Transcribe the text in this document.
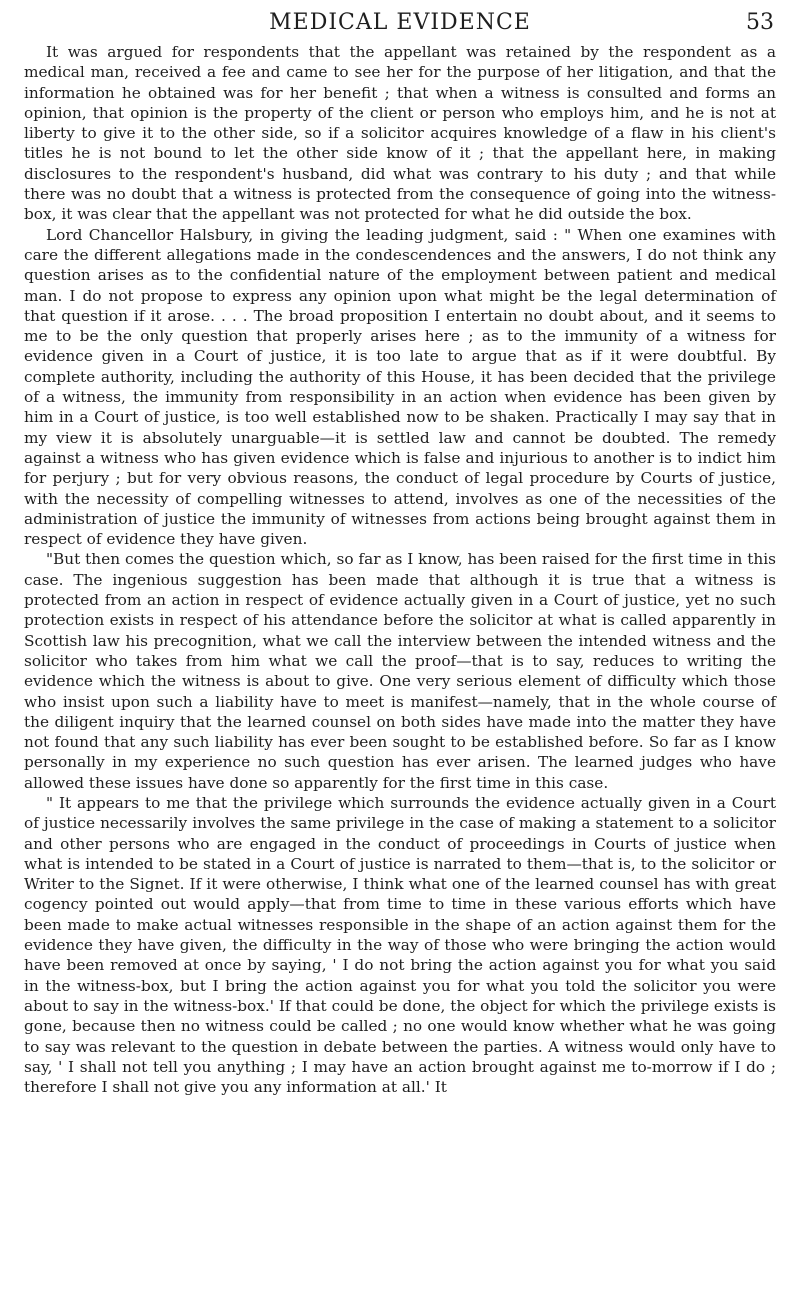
MEDICAL EVIDENCE	53

It was argued for respondents that the appellant was retained by the respondent as a medical man, received a fee and came to see her for the purpose of her litigation, and that the information he obtained was for her benefit ; that when a witness is consulted and forms an opinion, that opinion is the property of the client or person who employs him, and he is not at liberty to give it to the other side, so if a solicitor acquires knowledge of a flaw in his client's titles he is not bound to let the other side know of it ; that the appellant here, in making disclosures to the respondent's husband, did what was contrary to his duty ; and that while there was no doubt that a witness is protected from the consequence of going into the witness-box, it was clear that the appellant was not protected for what he did outside the box.

Lord Chancellor Halsbury, in giving the leading judgment, said : " When one examines with care the different allegations made in the condescendences and the answers, I do not think any question arises as to the confidential nature of the employment between patient and medical man. I do not propose to express any opinion upon what might be the legal determination of that question if it arose. . . . The broad proposition I entertain no doubt about, and it seems to me to be the only question that properly arises here ; as to the immunity of a witness for evidence given in a Court of justice, it is too late to argue that as if it were doubtful. By complete authority, including the authority of this House, it has been decided that the privilege of a witness, the immunity from responsibility in an action when evidence has been given by him in a Court of justice, is too well established now to be shaken. Practically I may say that in my view it is absolutely unarguable—it is settled law and cannot be doubted. The remedy against a witness who has given evidence which is false and injurious to another is to indict him for perjury ; but for very obvious reasons, the conduct of legal procedure by Courts of justice, with the necessity of compelling witnesses to attend, involves as one of the necessities of the administration of justice the immunity of witnesses from actions being brought against them in respect of evidence they have given.

"But then comes the question which, so far as I know, has been raised for the first time in this case. The ingenious suggestion has been made that although it is true that a witness is protected from an action in respect of evidence actually given in a Court of justice, yet no such protection exists in respect of his attendance before the solicitor at what is called apparently in Scottish law his precognition, what we call the interview between the intended witness and the solicitor who takes from him what we call the proof—that is to say, reduces to writing the evidence which the witness is about to give. One very serious element of difficulty which those who insist upon such a liability have to meet is manifest—namely, that in the whole course of the diligent inquiry that the learned counsel on both sides have made into the matter they have not found that any such liability has ever been sought to be established before. So far as I know personally in my experience no such question has ever arisen. The learned judges who have allowed these issues have done so apparently for the first time in this case.

" It appears to me that the privilege which surrounds the evidence actually given in a Court of justice necessarily involves the same privilege in the case of making a statement to a solicitor and other persons who are engaged in the conduct of proceedings in Courts of justice when what is intended to be stated in a Court of justice is narrated to them—that is, to the solicitor or Writer to the Signet. If it were otherwise, I think what one of the learned counsel has with great cogency pointed out would apply—that from time to time in these various efforts which have been made to make actual witnesses responsible in the shape of an action against them for the evidence they have given, the difficulty in the way of those who were bringing the action would have been removed at once by saying, ' I do not bring the action against you for what you said in the witness-box, but I bring the action against you for what you told the solicitor you were about to say in the witness-box.' If that could be done, the object for which the privilege exists is gone, because then no witness could be called ; no one would know whether what he was going to say was relevant to the question in debate between the parties. A witness would only have to say, ' I shall not tell you anything ; I may have an action brought against me to-morrow if I do ; therefore I shall not give you any information at all.' It
